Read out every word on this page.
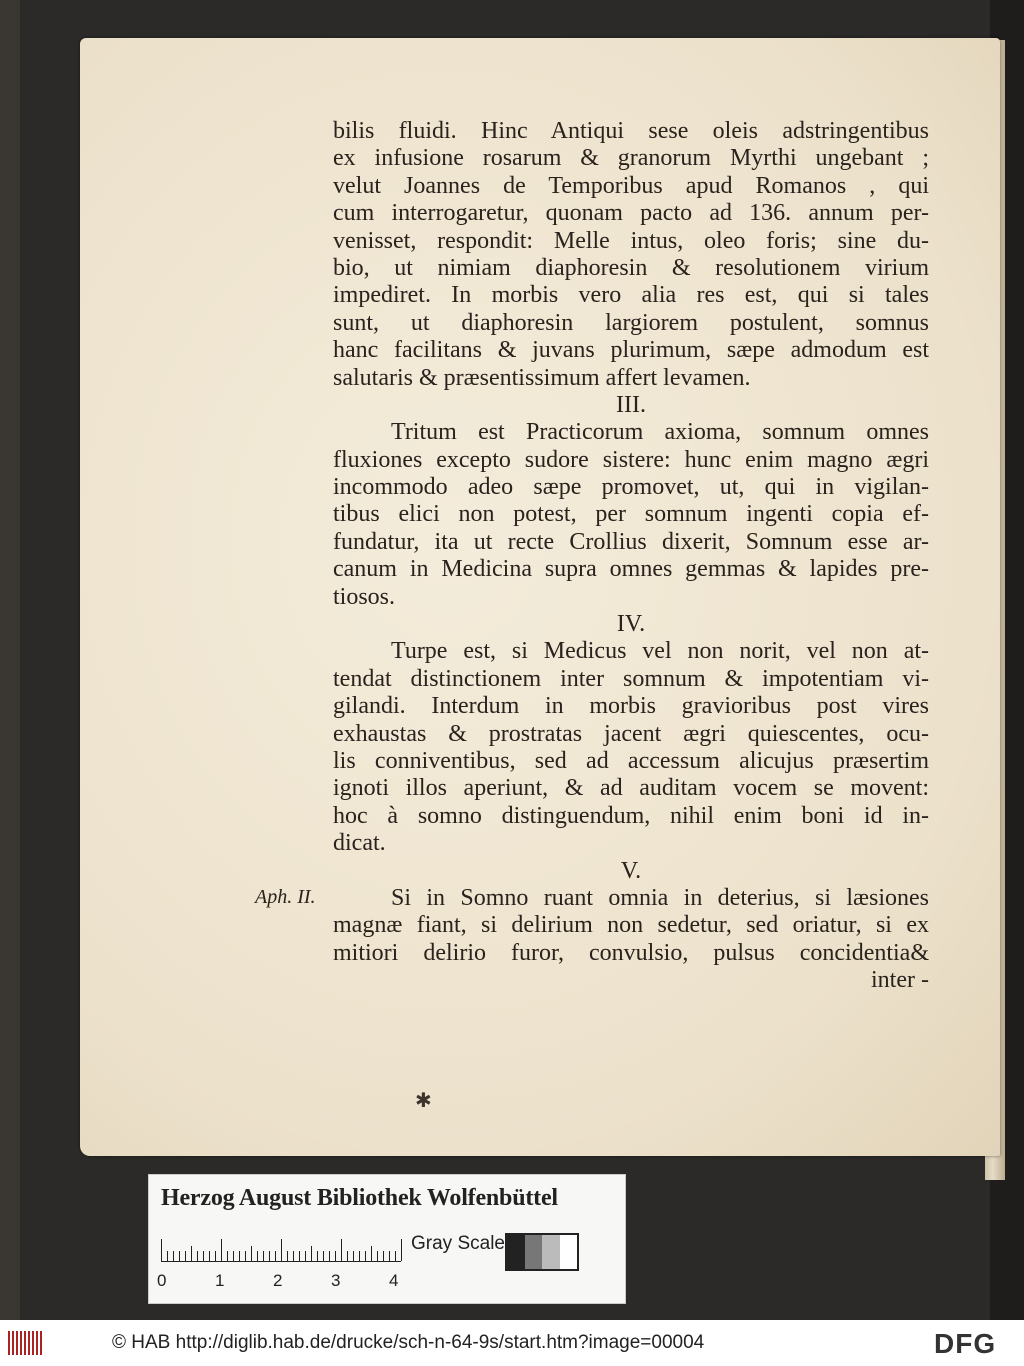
bilis fluidi. Hinc Antiqui sese oleis adstringentibus
ex infusione rosarum & granorum Myrthi ungebant ;
velut Joannes de Temporibus apud Romanos , qui
cum interrogaretur, quonam pacto ad 136. annum per-
venisset, respondit: Melle intus, oleo foris; sine du-
bio, ut nimiam diaphoresin & resolutionem virium
impediret. In morbis vero alia res est, qui si tales
sunt, ut diaphoresin largiorem postulent, somnus
hanc facilitans & juvans plurimum, sæpe admodum est
salutaris & præsentissimum affert levamen.
III.
Tritum est Practicorum axioma, somnum omnes
fluxiones excepto sudore sistere: hunc enim magno ægri
incommodo adeo sæpe promovet, ut, qui in vigilan-
tibus elici non potest, per somnum ingenti copia ef-
fundatur, ita ut recte Crollius dixerit, Somnum esse ar-
canum in Medicina supra omnes gemmas & lapides pre-
tiosos.
IV.
Turpe est, si Medicus vel non norit, vel non at-
tendat distinctionem inter somnum & impotentiam vi-
gilandi. Interdum in morbis gravioribus post vires
exhaustas & prostratas jacent ægri quiescentes, ocu-
lis conniventibus, sed ad accessum alicujus præsertim
ignoti illos aperiunt, & ad auditam vocem se movent:
hoc à somno distinguendum, nihil enim boni id in-
dicat.
V.
Si in Somno ruant omnia in deterius, si læsiones
magnæ fiant, si delirium non sedetur, sed oriatur, si ex
mitiori delirio furor, convulsio, pulsus concidentia&
inter -
Aph. II.
✱
Herzog August Bibliothek Wolfenbüttel
0	1	2	3	4
Gray Scale
© HAB http://diglib.hab.de/drucke/sch-n-64-9s/start.htm?image=00004	DFG
